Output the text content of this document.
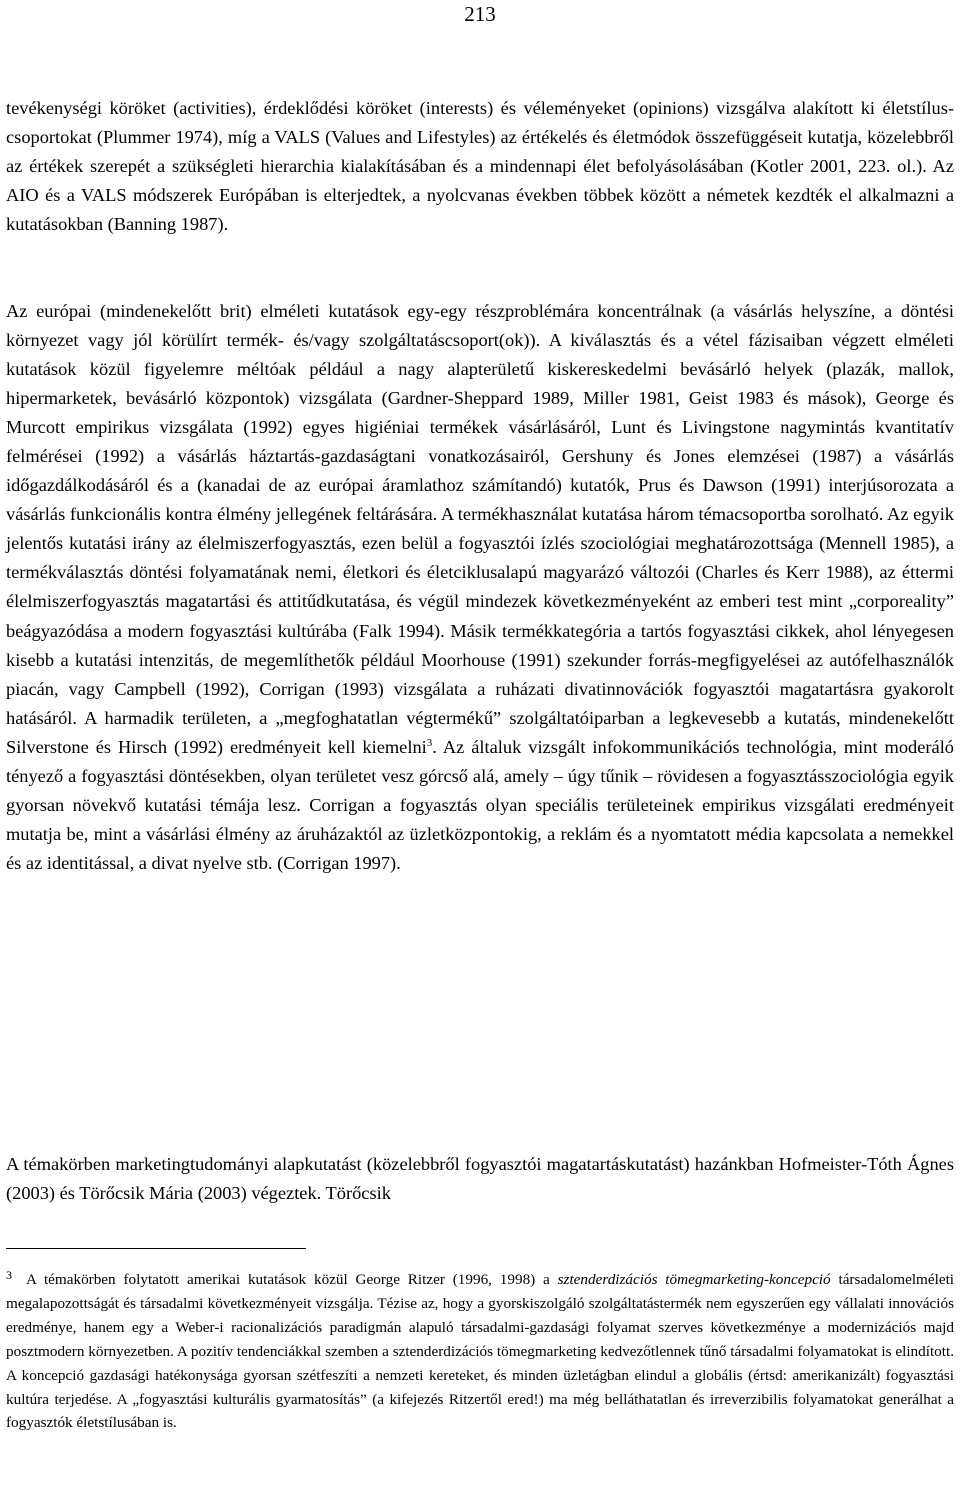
213

tevékenységi köröket (activities), érdeklődési köröket (interests) és véleményeket (opinions) vizsgálva alakított ki életstílus-csoportokat (Plummer 1974), míg a VALS (Values and Lifestyles) az értékelés és életmódok összefüggéseit kutatja, közelebbről az értékek szerepét a szükségleti hierarchia kialakításában és a mindennapi élet befolyásolásában (Kotler 2001, 223. ol.). Az AIO és a VALS módszerek Európában is elterjedtek, a nyolcvanas években többek között a németek kezdték el alkalmazni a kutatásokban (Banning 1987).

Az európai (mindenekelőtt brit) elméleti kutatások egy-egy részproblémára koncentrálnak (a vásárlás helyszíne, a döntési környezet vagy jól körülírt termék- és/vagy szolgáltatáscsoport(ok)). A kiválasztás és a vétel fázisaiban végzett elméleti kutatások közül figyelemre méltóak például a nagy alapterületű kiskereskedelmi bevásárló helyek (plazák, mallok, hipermarketek, bevásárló központok) vizsgálata (Gardner-Sheppard 1989, Miller 1981, Geist 1983 és mások), George és Murcott empirikus vizsgálata (1992) egyes higiéniai termékek vásárlásáról, Lunt és Livingstone nagymintás kvantitatív felmérései (1992) a vásárlás háztartás-gazdaságtani vonatkozásairól, Gershuny és Jones elemzései (1987) a vásárlás időgazdálkodásáról és a (kanadai de az európai áramlathoz számítandó) kutatók, Prus és Dawson (1991) interjúsorozata a vásárlás funkcionális kontra élmény jellegének feltárására. A termékhasználat kutatása három témacsoportba sorolható. Az egyik jelentős kutatási irány az élelmiszerfogyasztás, ezen belül a fogyasztói ízlés szociológiai meghatározottsága (Mennell 1985), a termékválasztás döntési folyamatának nemi, életkori és életciklusalapú magyarázó változói (Charles és Kerr 1988), az éttermi élelmiszerfogyasztás magatartási és attitűdkutatása, és végül mindezek következményeként az emberi test mint „corporeality” beágyazódása a modern fogyasztási kultúrába (Falk 1994). Másik termékkategória a tartós fogyasztási cikkek, ahol lényegesen kisebb a kutatási intenzitás, de megemlíthetők például Moorhouse (1991) szekunder forrás-megfigyelései az autófelhasználók piacán, vagy Campbell (1992), Corrigan (1993) vizsgálata a ruházati divatinnovációk fogyasztói magatartásra gyakorolt hatásáról. A harmadik területen, a „megfoghatatlan végtermékű” szolgáltatóiparban a legkevesebb a kutatás, mindenekelőtt Silverstone és Hirsch (1992) eredményeit kell kiemelni$^3$. Az általuk vizsgált infokommunikációs technológia, mint moderáló tényező a fogyasztási döntésekben, olyan területet vesz górcső alá, amely – úgy tűnik – rövidesen a fogyasztásszociológia egyik gyorsan növekvő kutatási témája lesz. Corrigan a fogyasztás olyan speciális területeinek empirikus vizsgálati eredményeit mutatja be, mint a vásárlási élmény az áruházaktól az üzletközpontokig, a reklám és a nyomtatott média kapcsolata a nemekkel és az identitással, a divat nyelve stb. (Corrigan 1997).

A témakörben marketingtudományi alapkutatást (közelebbről fogyasztói magatartáskutatást) hazánkban Hofmeister-Tóth Ágnes (2003) és Törőcsik Mária (2003) végeztek. Törőcsik

$^3$ A témakörben folytatott amerikai kutatások közül George Ritzer (1996, 1998) a sztenderdizációs tömegmarketing-koncepció társadalomelméleti megalapozottságát és társadalmi következményeit vizsgálja. Tézise az, hogy a gyorskiszolgáló szolgáltatástermék nem egyszerűen egy vállalati innovációs eredménye, hanem egy a Weber-i racionalizációs paradigmán alapuló társadalmi-gazdasági folyamat szerves következménye a modernizációs majd posztmodern környezetben. A pozitív tendenciákkal szemben a sztenderdizációs tömegmarketing kedvezőtlennek tűnő társadalmi folyamatokat is elindított. A koncepció gazdasági hatékonysága gyorsan szétfeszíti a nemzeti kereteket, és minden üzletágban elindul a globális (értsd: amerikanizált) fogyasztási kultúra terjedése. A „fogyasztási kulturális gyarmatosítás” (a kifejezés Ritzertől ered!) ma még belláthatatlan és irreverzibilis folyamatokat generálhat a fogyasztók életstílusában is.
